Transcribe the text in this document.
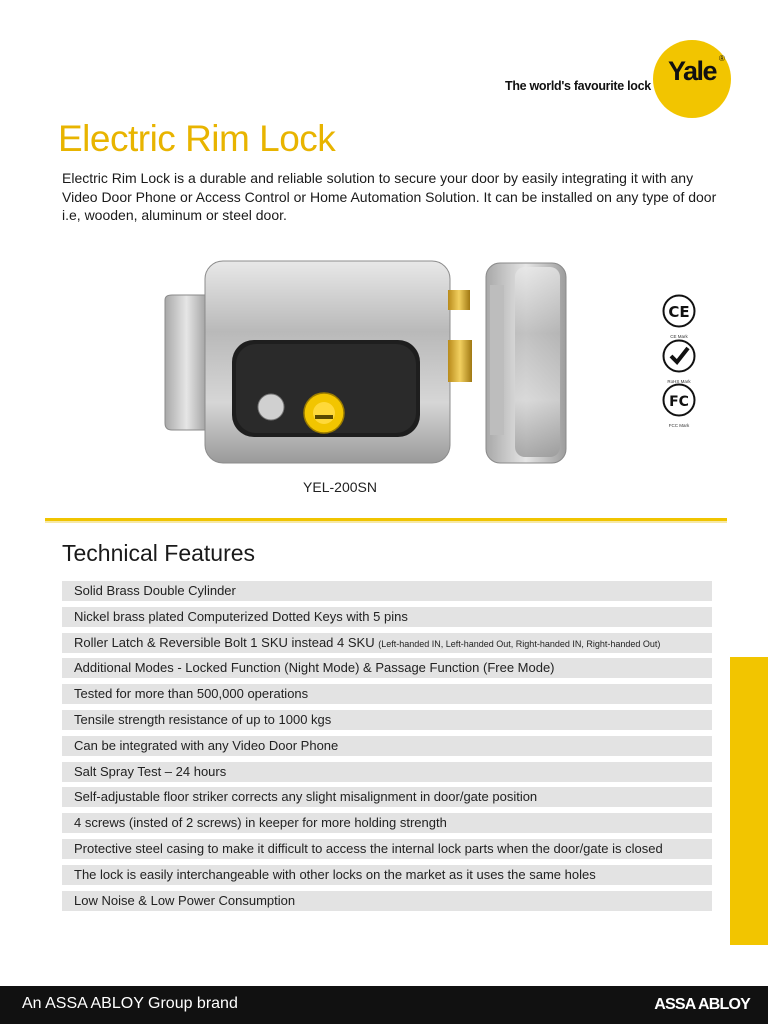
The world's favourite lock Yale ®
Electric Rim Lock
Electric Rim Lock is a durable and reliable solution to secure your door by easily integrating it with any Video Door Phone or Access Control or Home Automation Solution. It can be installed on any type of door i.e, wooden, aluminum or steel door.
YEL-200SN
CE
CE Mark
RoHS Mark
FC
FCC Mark
Technical Features
Solid Brass Double Cylinder
Nickel brass plated Computerized Dotted Keys with 5 pins
Roller Latch & Reversible Bolt 1 SKU instead 4 SKU (Left-handed IN, Left-handed Out, Right-handed IN, Right-handed Out)
Additional Modes - Locked Function (Night Mode) & Passage Function (Free Mode)
Tested for more than 500,000 operations
Tensile strength resistance of up to 1000 kgs
Can be integrated with any Video Door Phone
Salt Spray Test – 24 hours
Self-adjustable floor striker corrects any slight misalignment in door/gate position
4 screws (insted of 2 screws) in keeper for more holding strength
Protective steel casing to make it difficult to access the internal lock parts when the door/gate is closed
The lock is easily interchangeable with other locks on the market as it uses the same holes
Low Noise & Low Power Consumption
An ASSA ABLOY Group brand	ASSA ABLOY
